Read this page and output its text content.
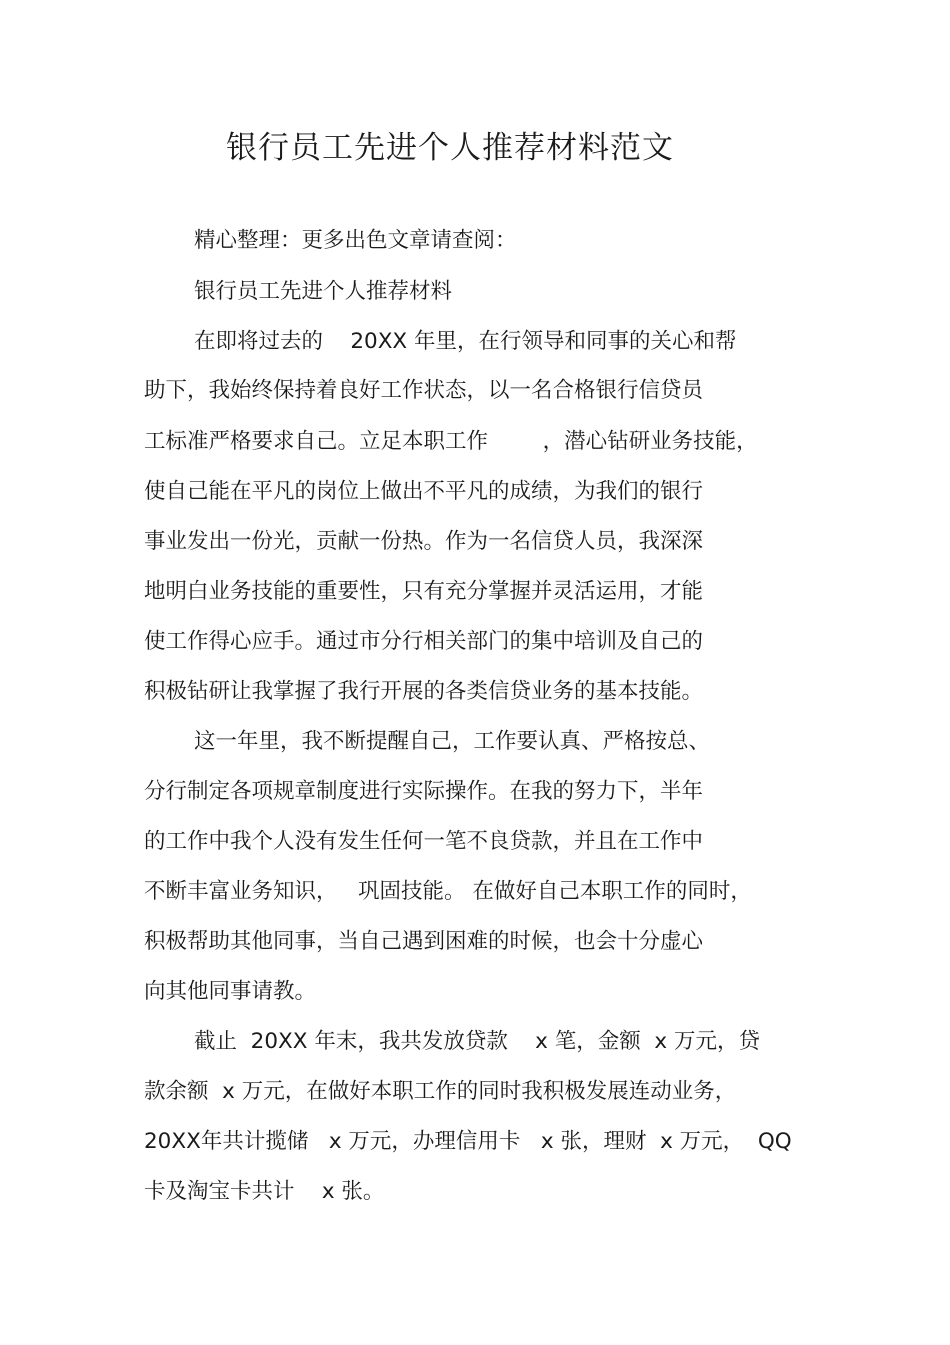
银行员工先进个人推荐材料范文
精心整理：更多出色文章请查阅：
银行员工先进个人推荐材料
在即将过去的    20XX 年里，在行领导和同事的关心和帮
助下，我始终保持着良好工作状态，以一名合格银行信贷员
工标准严格要求自己。立足本职工作        ，潜心钻研业务技能，
使自己能在平凡的岗位上做出不平凡的成绩，为我们的银行
事业发出一份光，贡献一份热。作为一名信贷人员，我深深
地明白业务技能的重要性，只有充分掌握并灵活运用，才能
使工作得心应手。通过市分行相关部门的集中培训及自己的
积极钻研让我掌握了我行开展的各类信贷业务的基本技能。
这一年里，我不断提醒自己，工作要认真、严格按总、
分行制定各项规章制度进行实际操作。在我的努力下，半年
的工作中我个人没有发生任何一笔不良贷款，并且在工作中
不断丰富业务知识，   巩固技能。 在做好自己本职工作的同时，
积极帮助其他同事，当自己遇到困难的时候，也会十分虚心
向其他同事请教。
截止  20XX 年末，我共发放贷款    x 笔，金额  x 万元，贷
款余额  x 万元，在做好本职工作的同时我积极发展连动业务，
20XX年共计揽储   x 万元，办理信用卡   x 张，理财  x 万元，  QQ
卡及淘宝卡共计    x 张。
